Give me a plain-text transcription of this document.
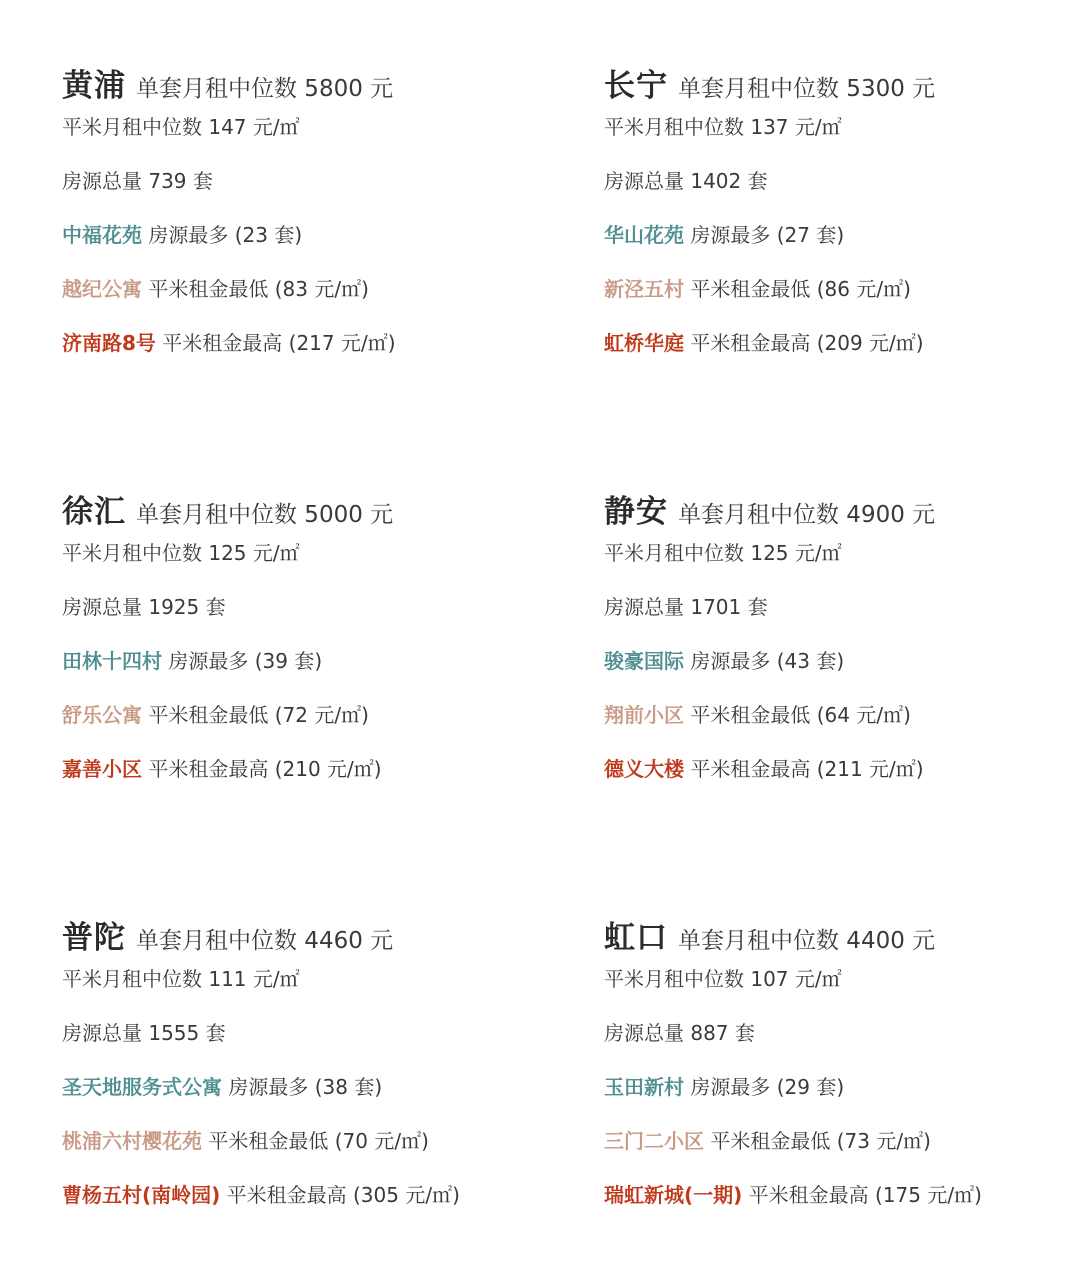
黄浦 单套月租中位数 5800 元
平米月租中位数 147 元/㎡
房源总量 739 套
中福花苑 房源最多 (23 套)
越纪公寓 平米租金最低 (83 元/㎡)
济南路8号 平米租金最高 (217 元/㎡)
长宁 单套月租中位数 5300 元
平米月租中位数 137 元/㎡
房源总量 1402 套
华山花苑 房源最多 (27 套)
新泾五村 平米租金最低 (86 元/㎡)
虹桥华庭 平米租金最高 (209 元/㎡)
徐汇 单套月租中位数 5000 元
平米月租中位数 125 元/㎡
房源总量 1925 套
田林十四村 房源最多 (39 套)
舒乐公寓 平米租金最低 (72 元/㎡)
嘉善小区 平米租金最高 (210 元/㎡)
静安 单套月租中位数 4900 元
平米月租中位数 125 元/㎡
房源总量 1701 套
骏豪国际 房源最多 (43 套)
翔前小区 平米租金最低 (64 元/㎡)
德义大楼 平米租金最高 (211 元/㎡)
普陀 单套月租中位数 4460 元
平米月租中位数 111 元/㎡
房源总量 1555 套
圣天地服务式公寓 房源最多 (38 套)
桃浦六村樱花苑 平米租金最低 (70 元/㎡)
曹杨五村(南岭园) 平米租金最高 (305 元/㎡)
虹口 单套月租中位数 4400 元
平米月租中位数 107 元/㎡
房源总量 887 套
玉田新村 房源最多 (29 套)
三门二小区 平米租金最低 (73 元/㎡)
瑞虹新城(一期) 平米租金最高 (175 元/㎡)
